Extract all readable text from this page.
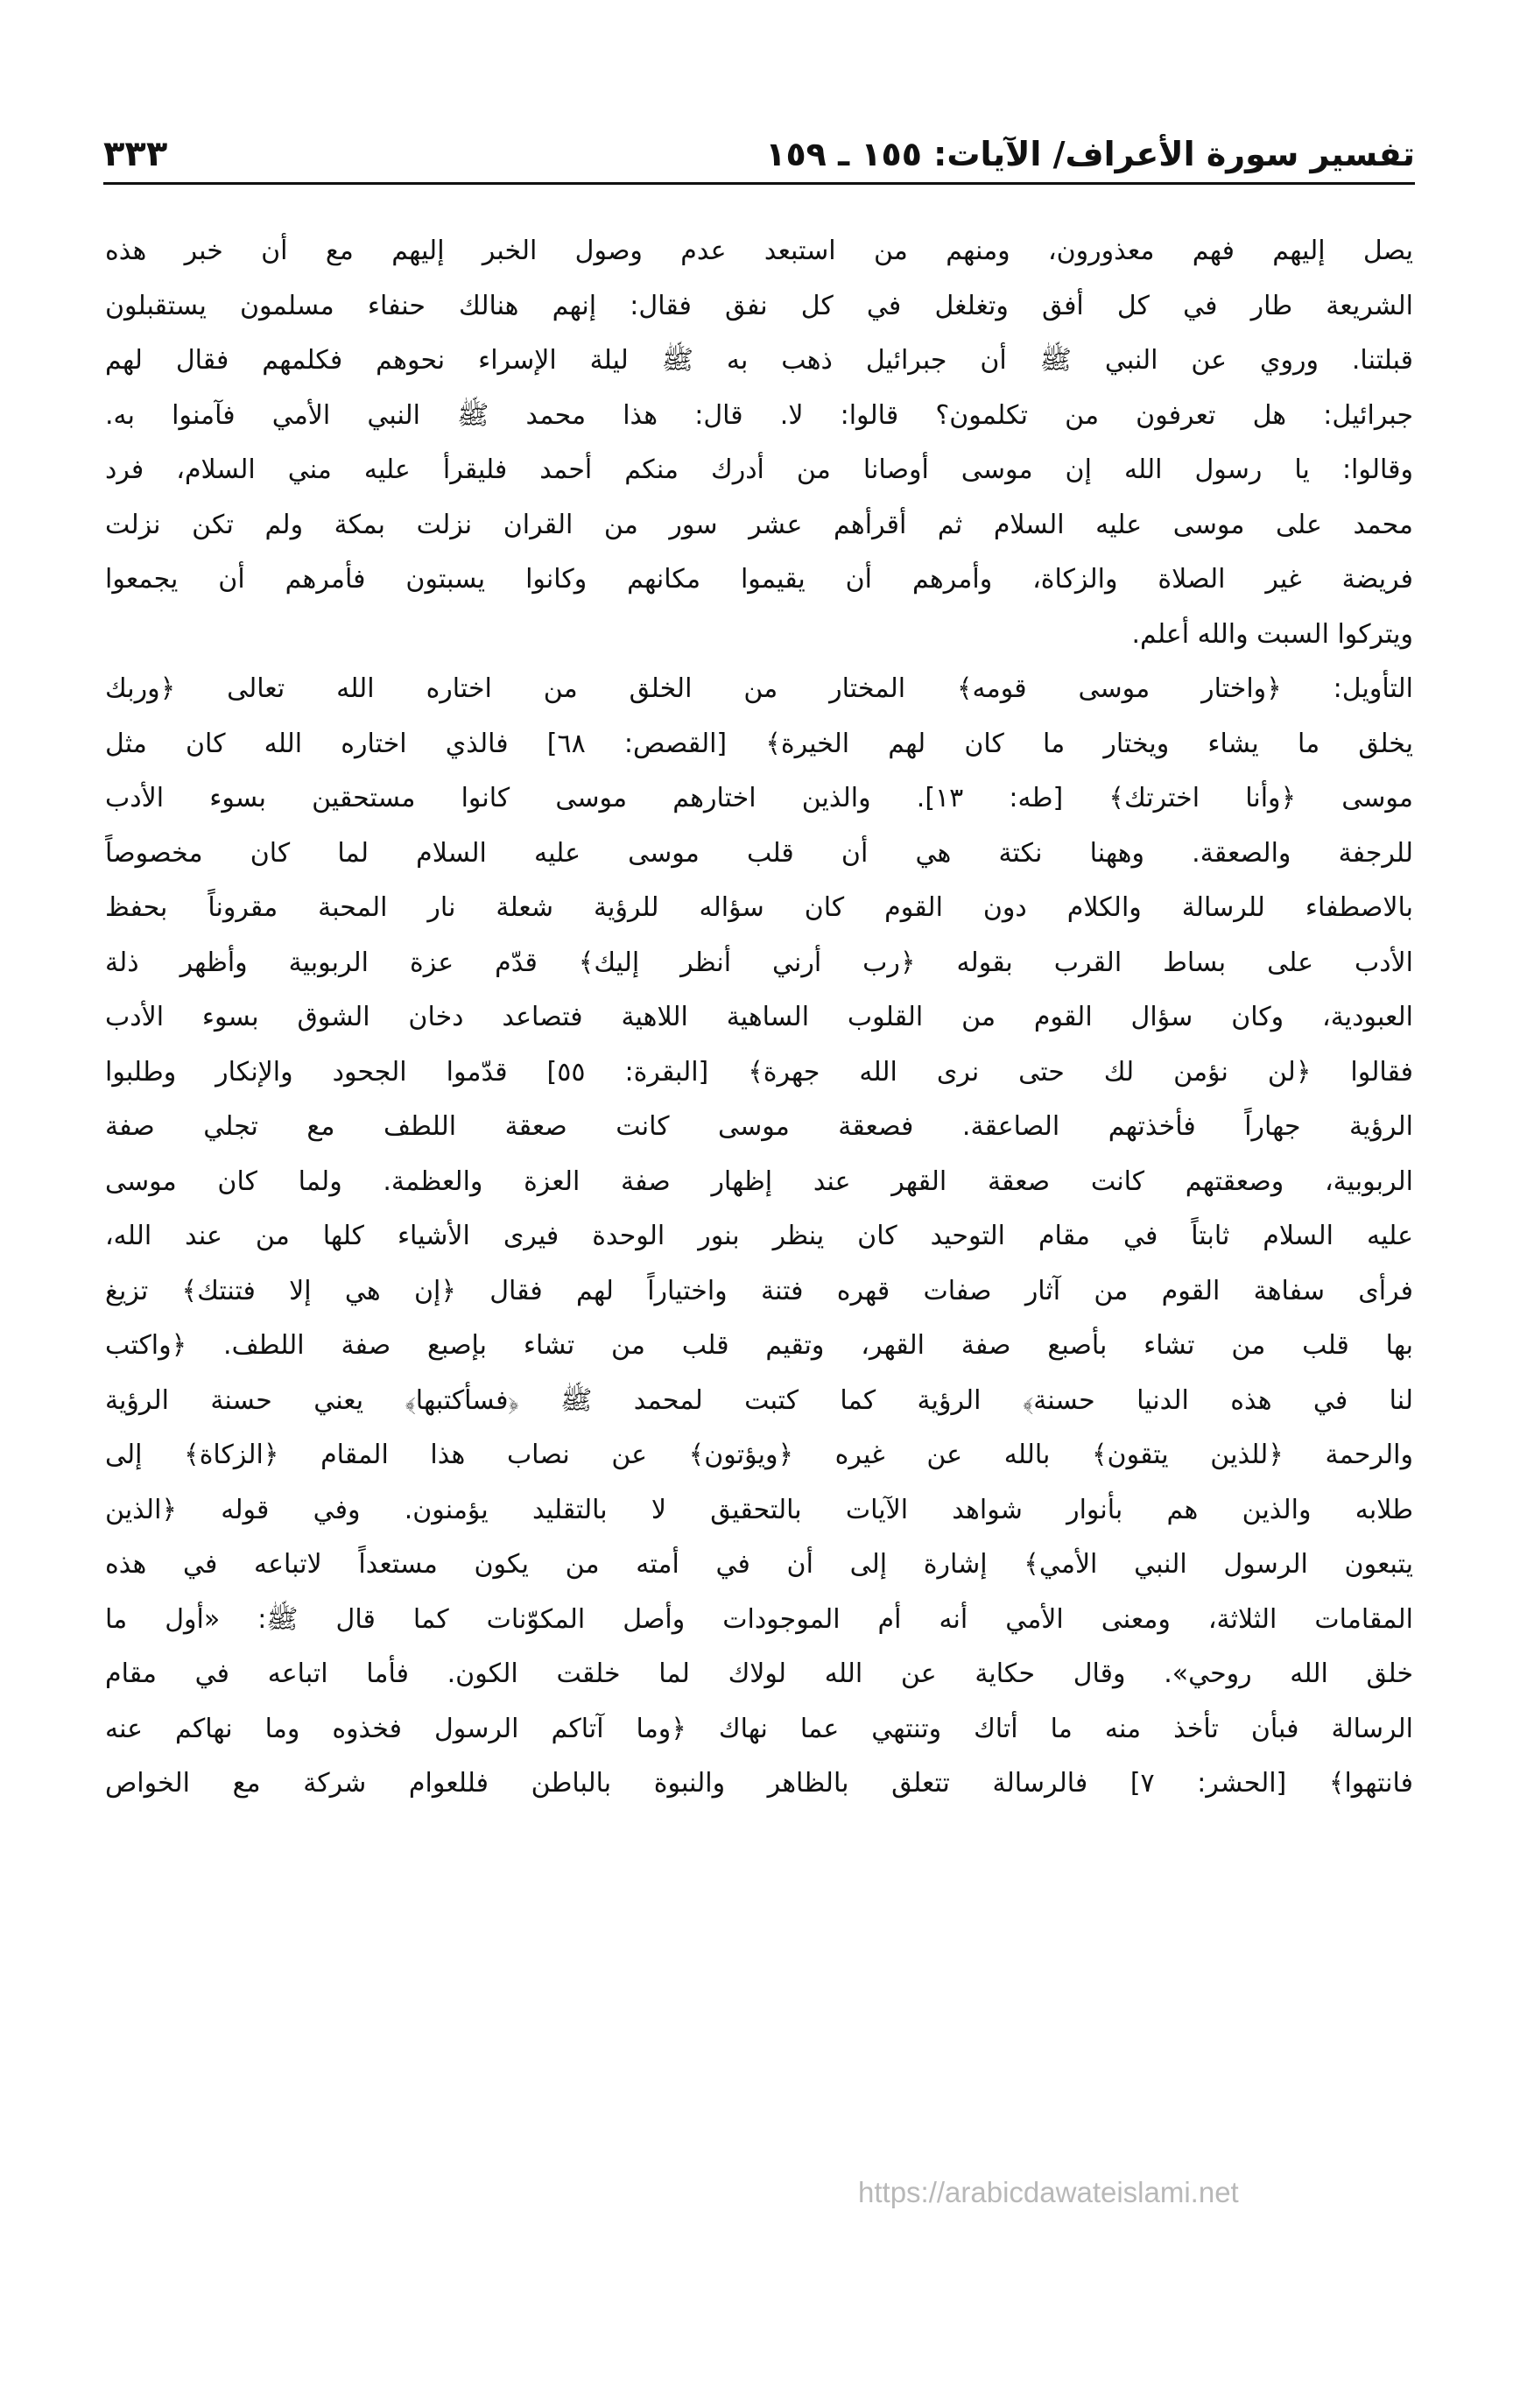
تفسير سورة الأعراف/ الآيات: ١٥٥ ـ ١٥٩
٣٣٣
يصل إليهم فهم معذورون، ومنهم من استبعد عدم وصول الخبر إليهم مع أن خبر هذه
الشريعة طار في كل أفق وتغلغل في كل نفق فقال: إنهم هنالك حنفاء مسلمون يستقبلون
قبلتنا. وروي عن النبي ﷺ أن جبرائيل ذهب به ﷺ ليلة الإسراء نحوهم فكلمهم فقال لهم
جبرائيل: هل تعرفون من تكلمون؟ قالوا: لا. قال: هذا محمد ﷺ النبي الأمي فآمنوا به.
وقالوا: يا رسول الله إن موسى أوصانا من أدرك منكم أحمد فليقرأ عليه مني السلام، فرد
محمد على موسى عليه السلام ثم أقرأهم عشر سور من القران نزلت بمكة ولم تكن نزلت
فريضة غير الصلاة والزكاة، وأمرهم أن يقيموا مكانهم وكانوا يسبتون فأمرهم أن يجمعوا
ويتركوا السبت والله أعلم.
التأويل: ﴿واختار موسى قومه﴾ المختار من الخلق من اختاره الله تعالى ﴿وربك
يخلق ما يشاء ويختار ما كان لهم الخيرة﴾ [القصص: ٦٨] فالذي اختاره الله كان مثل
موسى ﴿وأنا اخترتك﴾ [طه: ١٣]. والذين اختارهم موسى كانوا مستحقين بسوء الأدب
للرجفة والصعقة. وههنا نكتة هي أن قلب موسى عليه السلام لما كان مخصوصاً
بالاصطفاء للرسالة والكلام دون القوم كان سؤاله للرؤية شعلة نار المحبة مقروناً بحفظ
الأدب على بساط القرب بقوله ﴿رب أرني أنظر إليك﴾ قدّم عزة الربوبية وأظهر ذلة
العبودية، وكان سؤال القوم من القلوب الساهية اللاهية فتصاعد دخان الشوق بسوء الأدب
فقالوا ﴿لن نؤمن لك حتى نرى الله جهرة﴾ [البقرة: ٥٥] قدّموا الجحود والإنكار وطلبوا
الرؤية جهاراً فأخذتهم الصاعقة. فصعقة موسى كانت صعقة اللطف مع تجلي صفة
الربوبية، وصعقتهم كانت صعقة القهر عند إظهار صفة العزة والعظمة. ولما كان موسى
عليه السلام ثابتاً في مقام التوحيد كان ينظر بنور الوحدة فيرى الأشياء كلها من عند الله،
فرأى سفاهة القوم من آثار صفات قهره فتنة واختياراً لهم فقال ﴿إن هي إلا فتنتك﴾ تزيغ
بها قلب من تشاء بأصبع صفة القهر، وتقيم قلب من تشاء بإصبع صفة اللطف. ﴿واكتب
لنا في هذه الدنيا حسنة﴾ الرؤية كما كتبت لمحمد ﷺ ﴿فسأكتبها﴾ يعني حسنة الرؤية
والرحمة ﴿للذين يتقون﴾ بالله عن غيره ﴿ويؤتون﴾ عن نصاب هذا المقام ﴿الزكاة﴾ إلى
طلابه والذين هم بأنوار شواهد الآيات بالتحقيق لا بالتقليد يؤمنون. وفي قوله ﴿الذين
يتبعون الرسول النبي الأمي﴾ إشارة إلى أن في أمته من يكون مستعداً لاتباعه في هذه
المقامات الثلاثة، ومعنى الأمي أنه أم الموجودات وأصل المكوّنات كما قال ﷺ: «أول ما
خلق الله روحي». وقال حكاية عن الله لولاك لما خلقت الكون. فأما اتباعه في مقام
الرسالة فبأن تأخذ منه ما أتاك وتنتهي عما نهاك ﴿وما آتاكم الرسول فخذوه وما نهاكم عنه
فانتهوا﴾ [الحشر: ٧] فالرسالة تتعلق بالظاهر والنبوة بالباطن فللعوام شركة مع الخواص
https://arabicdawateislami.net
